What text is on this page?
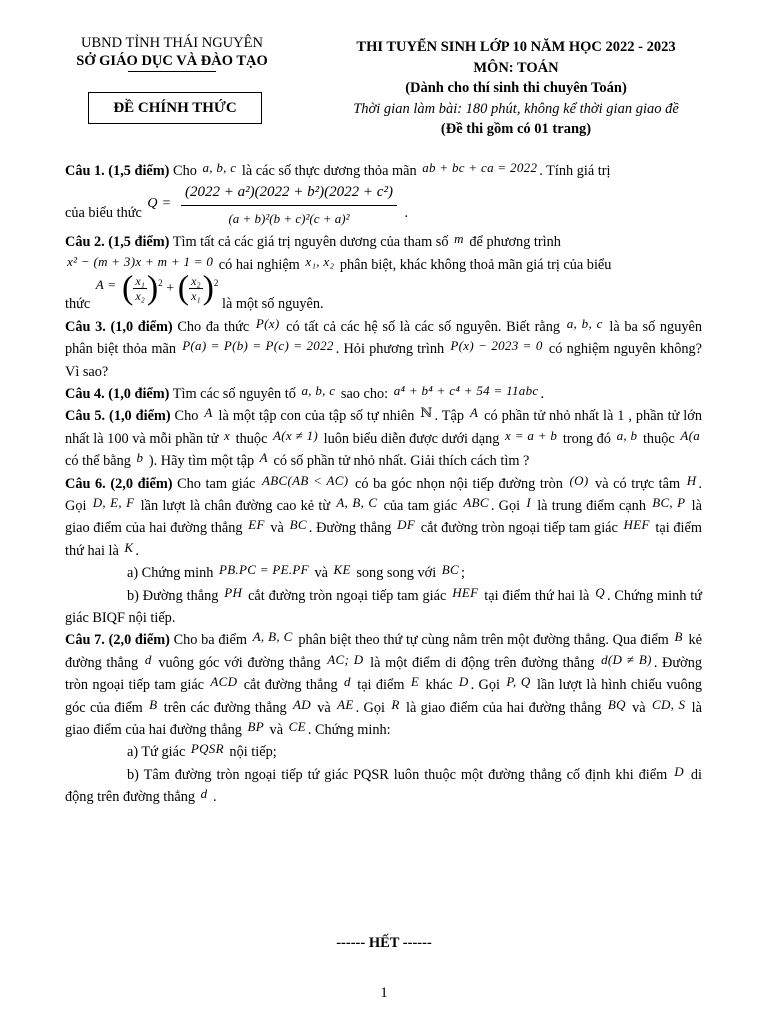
UBND TỈNH THÁI NGUYÊN
SỞ GIÁO DỤC VÀ ĐÀO TẠO
ĐỀ CHÍNH THỨC
THI TUYỂN SINH LỚP 10 NĂM HỌC 2022 - 2023
MÔN: TOÁN
(Dành cho thí sinh thi chuyên Toán)
Thời gian làm bài: 180 phút, không kể thời gian giao đề
(Đề thi gồm có 01 trang)

Câu 1. (1,5 điểm) Cho a, b, c là các số thực dương thỏa mãn ab + bc + ca = 2022 . Tính giá trị

của biểu thức $Q = \frac{\text{(2022 + a²)(2022 + b²)(2022 + c²)}}{\text{(a + b)²(b + c)²(c + a)²}}$ .

Câu 2. (1,5 điểm) Tìm tất cả các giá trị nguyên dương của tham số m để phương trình
x² − (m + 3)x + m + 1 = 0 có hai nghiệm x₁, x₂ phân biệt, khác không thoả mãn giá trị của biểu

thức A = ( $\frac{\text{x₁}}{\text{x₂}} )^2$ + ( $\frac{\text{x₂}}{\text{x₁}} )^2$ là một số nguyên.

Câu 3. (1,0 điểm) Cho đa thức P(x) có tất cả các hệ số là các số nguyên. Biết rằng a, b, c là ba số nguyên phân biệt thỏa mãn P(a) = P(b) = P(c) = 2022 . Hỏi phương trình P(x) − 2023 = 0 có nghiệm nguyên không? Vì sao?

Câu 4. (1,0 điểm) Tìm các số nguyên tố a, b, c sao cho: a⁴ + b⁴ + c⁴ + 54 = 11abc .

Câu 5. (1,0 điểm) Cho A là một tập con của tập số tự nhiên ℕ . Tập A có phần tử nhỏ nhất là 1 , phần tử lớn nhất là 100 và mỗi phần tử x thuộc A(x ≠ 1) luôn biểu diễn được dưới dạng x = a + b trong đó a, b thuộc A(a có thể bằng b ). Hãy tìm một tập A có số phần tử nhỏ nhất. Giải thích cách tìm ?

Câu 6. (2,0 điểm) Cho tam giác ABC(AB < AC) có ba góc nhọn nội tiếp đường tròn (O) và có trực tâm H . Gọi D, E, F lần lượt là chân đường cao kẻ từ A, B, C của tam giác ABC . Gọi I là trung điểm cạnh BC, P là giao điểm của hai đường thẳng EF và BC . Đường thẳng DF cắt đường tròn ngoại tiếp tam giác HEF tại điểm thứ hai là K .

a) Chứng minh PB.PC = PE.PF và KE song song với BC ;

b) Đường thẳng PH cắt đường tròn ngoại tiếp tam giác HEF tại điểm thứ hai là Q . Chứng minh tứ giác BIQF nội tiếp.

Câu 7. (2,0 điểm) Cho ba điểm A, B, C phân biệt theo thứ tự cùng nằm trên một đường thẳng. Qua điểm B kẻ đường thẳng d vuông góc với đường thẳng AC; D là một điểm di động trên đường thẳng d(D ≠ B) . Đường tròn ngoại tiếp tam giác ACD cắt đường thẳng d tại điểm E khác D . Gọi P, Q lần lượt là hình chiếu vuông góc của điểm B trên các đường thẳng AD và AE . Gọi R là giao điểm của hai đường thẳng BQ và CD, S là giao điểm của hai đường thẳng BP và CE . Chứng minh:

a) Tứ giác PQSR nội tiếp;

b) Tâm đường tròn ngoại tiếp tứ giác PQSR luôn thuộc một đường thẳng cố định khi điểm D di động trên đường thẳng d .

------ HẾT ------
1
